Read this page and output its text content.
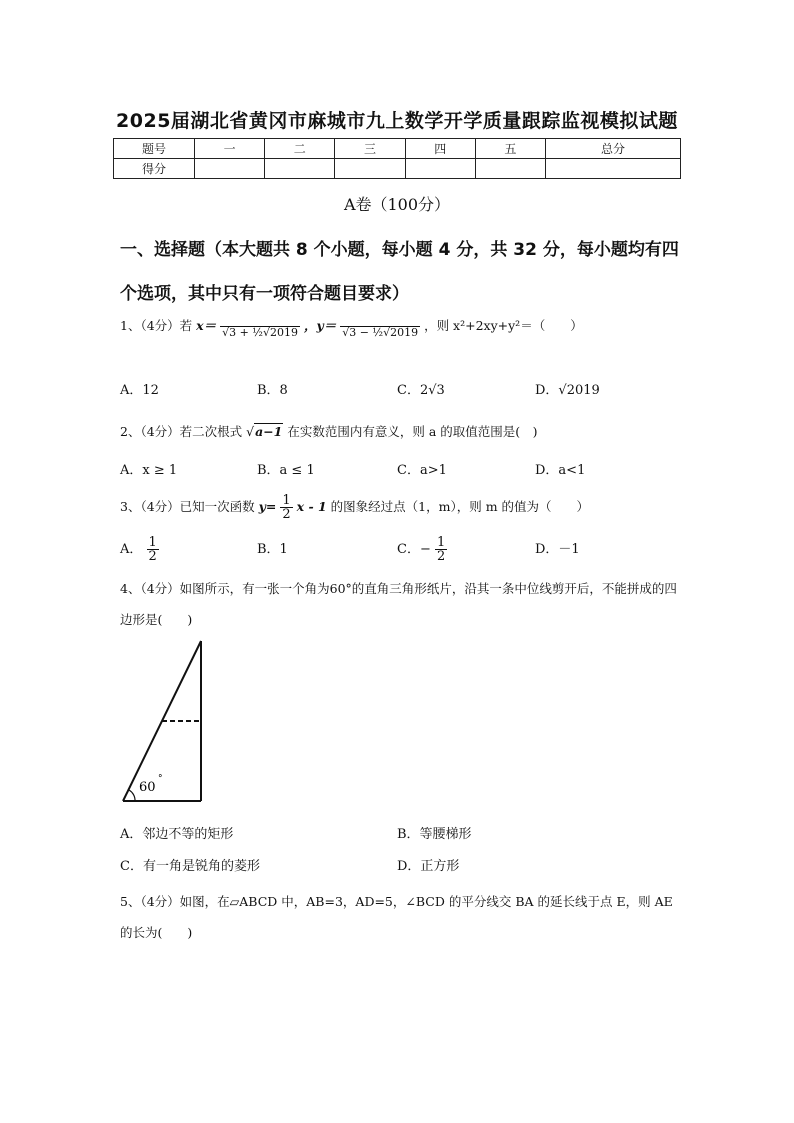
2025届湖北省黄冈市麻城市九上数学开学质量跟踪监视模拟试题
题号	一	二	三	四	五	总分
得分						
A卷（100分）
一、选择题（本大题共 8 个小题，每小题 4 分，共 32 分，每小题均有四个选项，其中只有一项符合题目要求）
1、（4分）若 x＝
√3 + ½√2019 ，y＝
√3 − ½√2019 ，则 x²+2xy+y²＝（　　）
A．12	B．8	C．2√3	D．√2019
2、（4分）若二次根式 √a−1 在实数范围内有意义，则 a 的取值范围是(　)
A．x ≥ 1	B．a ≤ 1	C．a>1	D．a<1
3、（4分）已知一次函数 $y= \frac{1}{2}$ x - 1 的图象经过点（1，m），则 m 的值为（　　）
A． $\frac{1}{2}$	B．1	C．− $\frac{1}{2}$	D．－1
4、（4分）如图所示，有一张一个角为60°的直角三角形纸片，沿其一条中位线剪开后，不能拼成的四边形是(　　)
60
°
A．邻边不等的矩形	B．等腰梯形
C．有一角是锐角的菱形	D．正方形
5、（4分）如图，在▱ABCD 中，AB=3，AD=5，∠BCD 的平分线交 BA 的延长线于点 E，则 AE 的长为(　　)
